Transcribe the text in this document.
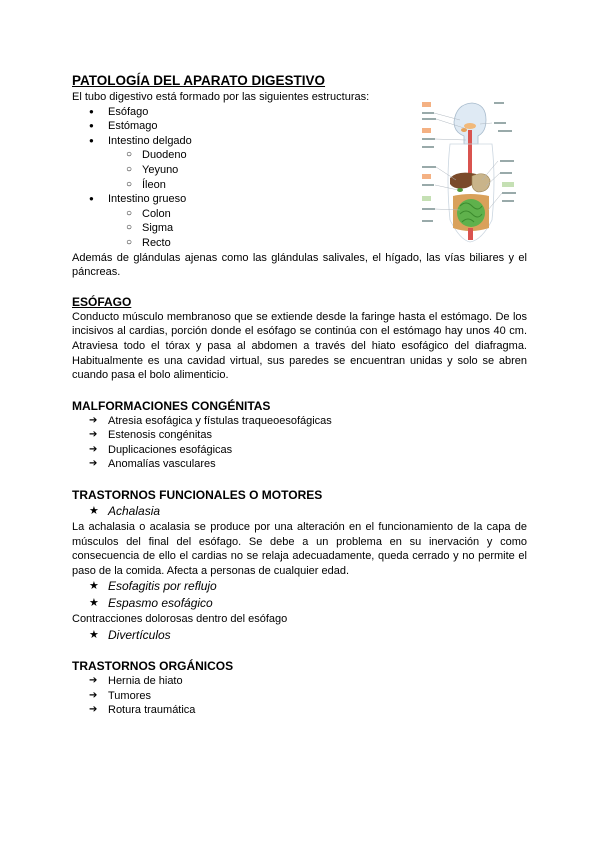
PATOLOGÍA DEL APARATO DIGESTIVO

El tubo digestivo está formado por las siguientes estructuras:

● Esófago
● Estómago
● Intestino delgado
○ Duodeno
○ Yeyuno
○ Íleon
● Intestino grueso
○ Colon
○ Sigma
○ Recto

Además de glándulas ajenas como las glándulas salivales, el hígado, las vías biliares y el páncreas.

ESÓFAGO

Conducto músculo membranoso que se extiende desde la faringe hasta el estómago. De los incisivos al cardias, porción donde el esófago se continúa con el estómago hay unos 40 cm. Atraviesa todo el tórax y pasa al abdomen a través del hiato esofágico del diafragma. Habitualmente es una cavidad virtual, sus paredes se encuentran unidas y solo se abren cuando pasa el bolo alimenticio.

MALFORMACIONES CONGÉNITAS
➔ Atresia esofágica y fístulas traqueoesofágicas
➔ Estenosis congénitas
➔ Duplicaciones esofágicas
➔ Anomalías vasculares
TRASTORNOS FUNCIONALES O MOTORES
★ Achalasia

La achalasia o acalasia se produce por una alteración en el funcionamiento de la capa de músculos del final del esófago. Se debe a un problema en su inervación y como consecuencia de ello el cardias no se relaja adecuadamente, queda cerrado y no permite el paso de la comida. Afecta a personas de cualquier edad.

★ Esofagitis por reflujo
★ Espasmo esofágico

Contracciones dolorosas dentro del esófago

★ Divertículos
TRASTORNOS ORGÁNICOS
➔ Hernia de hiato
➔ Tumores
➔ Rotura traumática
